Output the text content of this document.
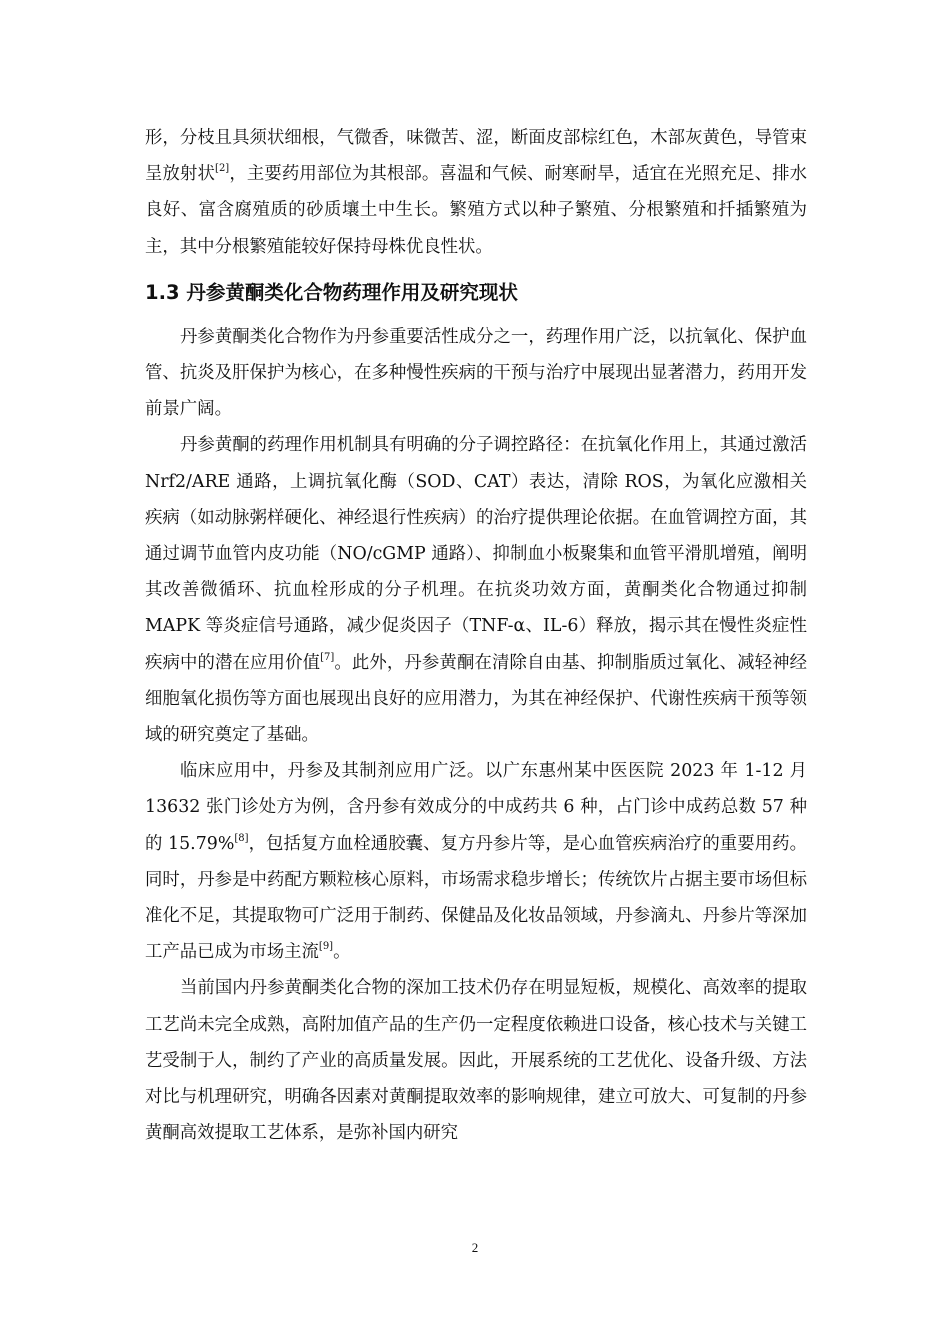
形，分枝且具须状细根，气微香，味微苦、涩，断面皮部棕红色，木部灰黄色，导管束呈放射状[2]，主要药用部位为其根部。喜温和气候、耐寒耐旱，适宜在光照充足、排水良好、富含腐殖质的砂质壤土中生长。繁殖方式以种子繁殖、分根繁殖和扦插繁殖为主，其中分根繁殖能较好保持母株优良性状。

1.3 丹参黄酮类化合物药理作用及研究现状

丹参黄酮类化合物作为丹参重要活性成分之一，药理作用广泛，以抗氧化、保护血管、抗炎及肝保护为核心，在多种慢性疾病的干预与治疗中展现出显著潜力，药用开发前景广阔。

丹参黄酮的药理作用机制具有明确的分子调控路径：在抗氧化作用上，其通过激活 Nrf2/ARE 通路，上调抗氧化酶（SOD、CAT）表达，清除 ROS，为氧化应激相关疾病（如动脉粥样硬化、神经退行性疾病）的治疗提供理论依据。在血管调控方面，其通过调节血管内皮功能（NO/cGMP 通路）、抑制血小板聚集和血管平滑肌增殖，阐明其改善微循环、抗血栓形成的分子机理。在抗炎功效方面，黄酮类化合物通过抑制 MAPK 等炎症信号通路，减少促炎因子（TNF-α、IL-6）释放，揭示其在慢性炎症性疾病中的潜在应用价值[7]。此外，丹参黄酮在清除自由基、抑制脂质过氧化、减轻神经细胞氧化损伤等方面也展现出良好的应用潜力，为其在神经保护、代谢性疾病干预等领域的研究奠定了基础。

临床应用中，丹参及其制剂应用广泛。以广东惠州某中医医院 2023 年 1-12 月 13632 张门诊处方为例，含丹参有效成分的中成药共 6 种，占门诊中成药总数 57 种的 15.79%[8]，包括复方血栓通胶囊、复方丹参片等，是心血管疾病治疗的重要用药。同时，丹参是中药配方颗粒核心原料，市场需求稳步增长；传统饮片占据主要市场但标准化不足，其提取物可广泛用于制药、保健品及化妆品领域，丹参滴丸、丹参片等深加工产品已成为市场主流[9]。

当前国内丹参黄酮类化合物的深加工技术仍存在明显短板，规模化、高效率的提取工艺尚未完全成熟，高附加值产品的生产仍一定程度依赖进口设备，核心技术与关键工艺受制于人，制约了产业的高质量发展。因此，开展系统的工艺优化、设备升级、方法对比与机理研究，明确各因素对黄酮提取效率的影响规律，建立可放大、可复制的丹参黄酮高效提取工艺体系，是弥补国内研究

2
